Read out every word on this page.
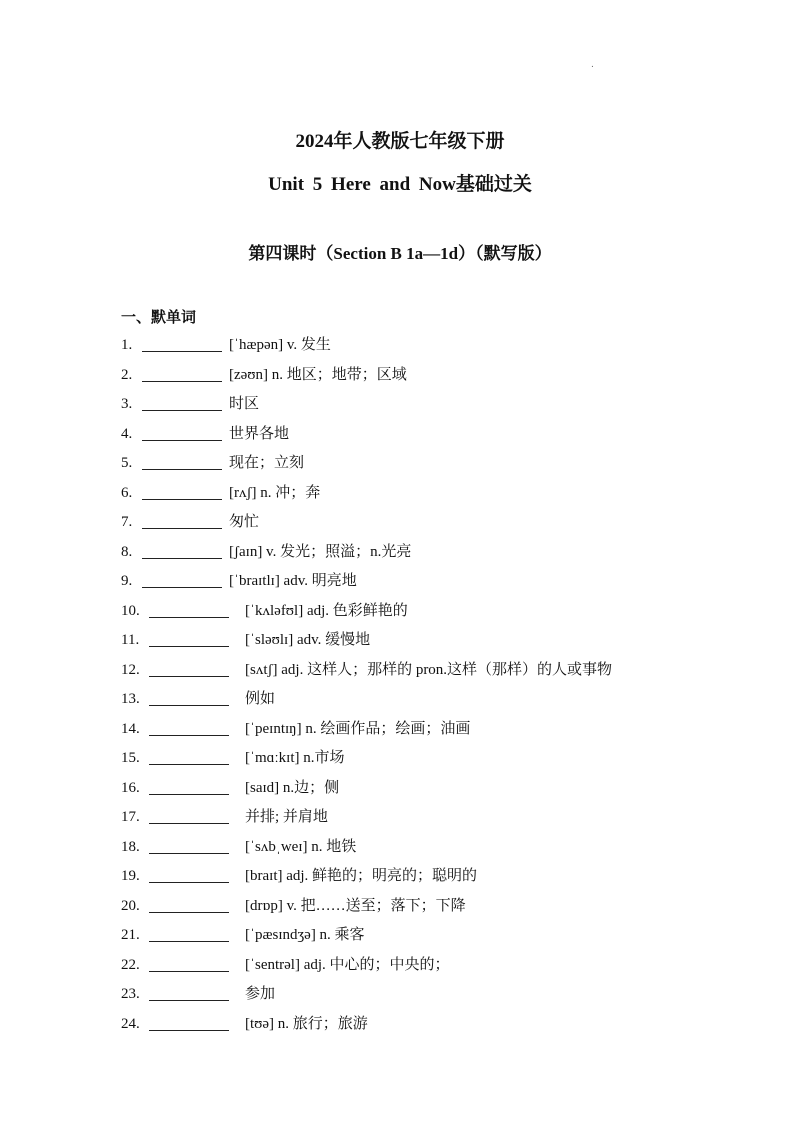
.
2024年人教版七年级下册
Unit 5 Here and Now基础过关
第四课时（Section B 1a—1d）（默写版）
一、默单词
1.	[ˈhæpən] v. 发生
2.	[zəʊn] n. 地区；地带；区域
3.	时区
4.	世界各地
5.	现在；立刻
6.	[rʌʃ] n. 冲；奔
7.	匆忙
8.	[ʃaɪn] v. 发光；照溢；n.光亮
9.	[ˈbraɪtlɪ] adv. 明亮地
10.	[ˈkʌləfʊl] adj. 色彩鲜艳的
11.	[ˈsləʊlɪ] adv. 缓慢地
12.	[sʌtʃ] adj. 这样人；那样的 pron.这样（那样）的人或事物
13.	例如
14.	[ˈpeɪntɪŋ] n. 绘画作品；绘画；油画
15.	[ˈmɑːkɪt] n.市场
16.	[saɪd] n.边；侧
17.	并排; 并肩地
18.	[ˈsʌbˌweɪ] n. 地铁
19.	[braɪt] adj. 鲜艳的；明亮的；聪明的
20.	[drɒp] v. 把……送至；落下；下降
21.	[ˈpæsɪndʒə] n. 乘客
22.	[ˈsentrəl] adj. 中心的；中央的；
23.	参加
24.	[tʊə] n. 旅行；旅游
